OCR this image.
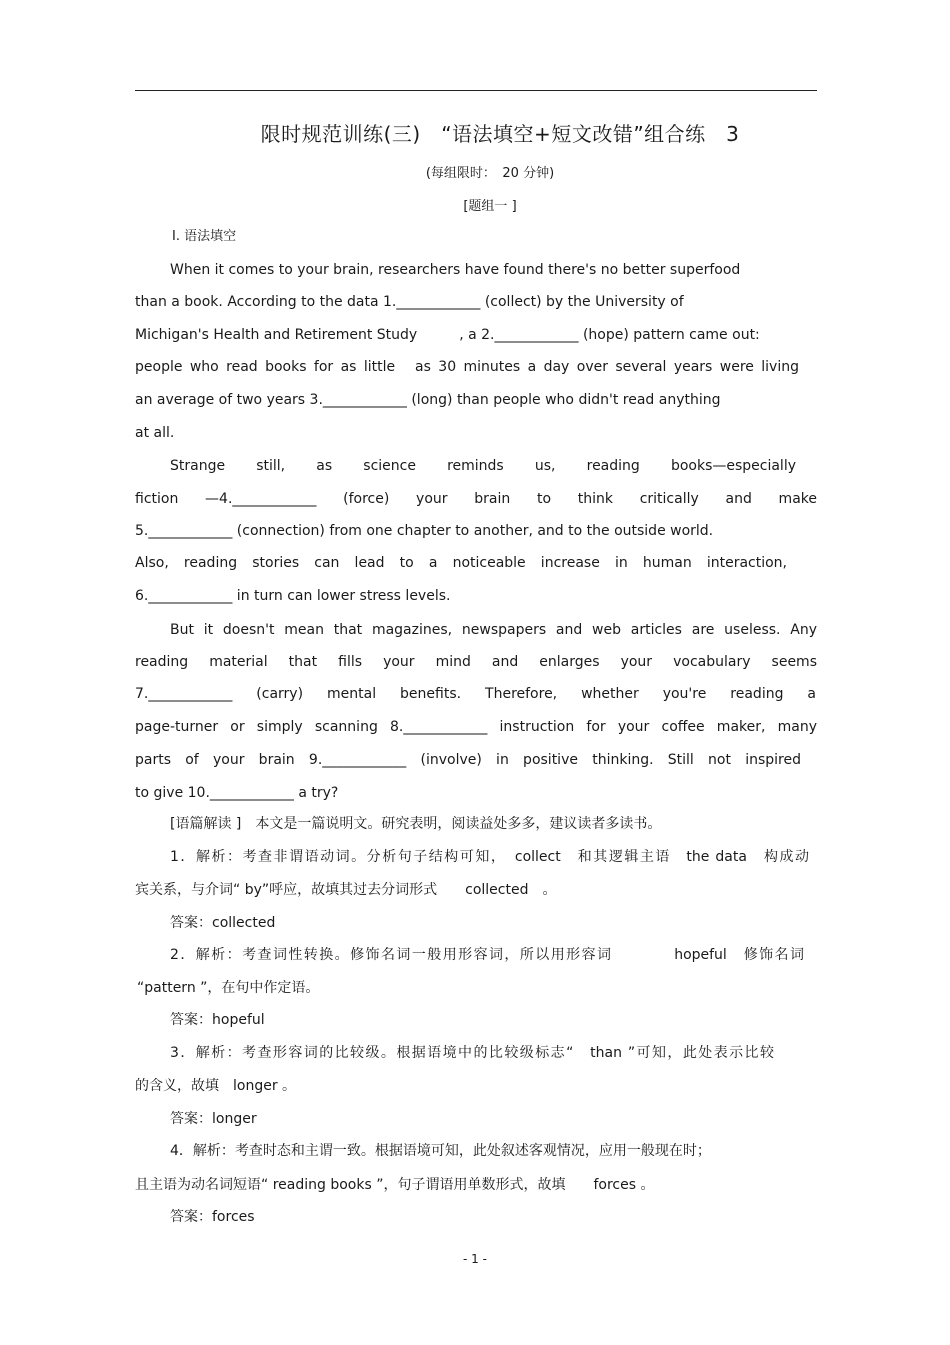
限时规范训练(三)　“语法填空+短文改错”组合练　3
(每组限时：　20 分钟)
[题组一 ]
Ⅰ. 语法填空
When it comes to your brain, researchers have found there's no better superfood
than a book. According to the data 1.____________ (collect) by the University of
Michigan's Health and Retirement Study　　　, a 2.____________ (hope) pattern came out:
people who read books for as little　as 30 minutes a day over several years were living
an average of two years 3.____________ (long) than people who didn't read anything
at all.
Strange still, as science reminds us, reading books—especially
fiction —4.____________ (force) your brain to think critically and make
5.____________ (connection) from one chapter to another, and to the outside world.
Also, reading stories can lead to a noticeable increase in human interaction,
6.____________ in turn can lower stress levels.
But it doesn't mean that magazines, newspapers and web articles are useless. Any
reading material that fills your mind and enlarges your vocabulary seems
7.____________ (carry) mental benefits. Therefore, whether you're reading a
page-turner or simply scanning 8.____________ instruction for your coffee maker, many
parts of your brain 9.____________ (involve) in positive thinking. Still not inspired
to give 10.____________ a try?
[语篇解读 ]　本文是一篇说明文。研究表明，阅读益处多多，建议读者多读书。
1．解析：考查非谓语动词。分析句子结构可知，　collect　和其逻辑主语　the data　构成动
宾关系，与介词“ by”呼应，故填其过去分词形式　　collected　。
答案：collected
2．解析：考查词性转换。修饰名词一般用形容词，所以用形容词　　　　hopeful　修饰名词
“pattern ”，在句中作定语。
答案：hopeful
3．解析：考查形容词的比较级。根据语境中的比较级标志“　than ”可知，此处表示比较
的含义，故填　longer 。
答案：longer
4．解析：考查时态和主谓一致。根据语境可知，此处叙述客观情况，应用一般现在时；
且主语为动名词短语“ reading books ”，句子谓语用单数形式，故填　　forces 。
答案：forces
- 1 -
